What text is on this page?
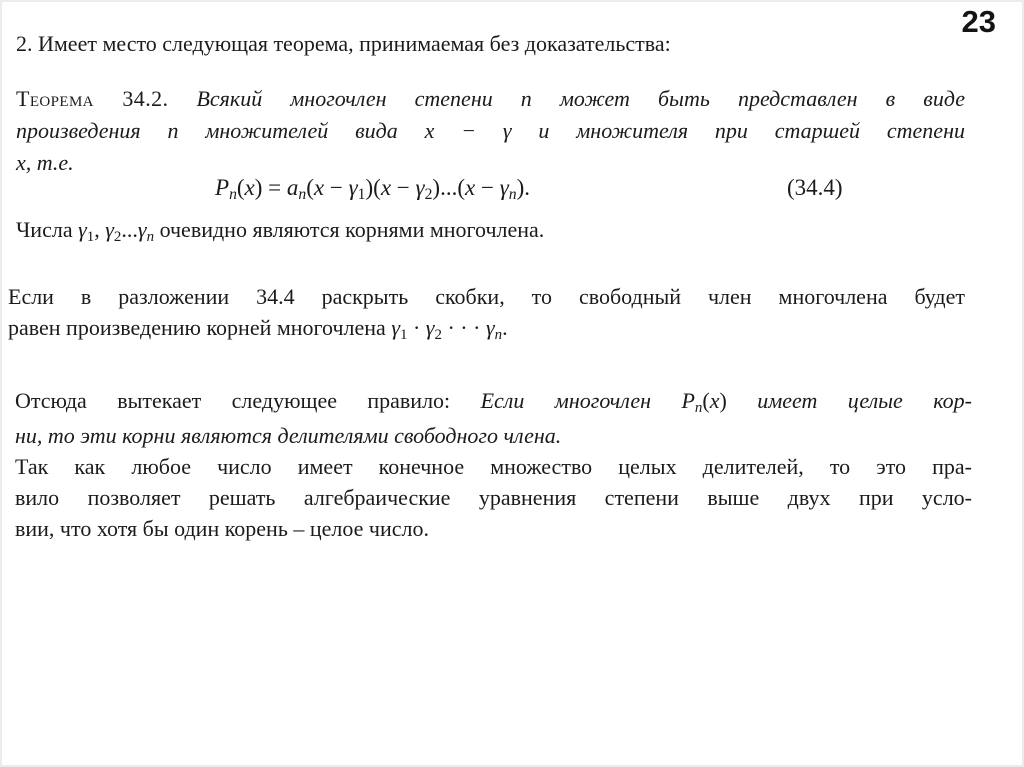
23
2. Имеет место следующая теорема, принимаемая без доказательства:
Теорема 34.2. Всякий многочлен степени n может быть представлен в виде
произведения n множителей вида x − γ и множителя при старшей степени
x, т.е.
Pn(x) = an(x − γ1)(x − γ2)...(x − γn).	(34.4)
Числа γ1, γ2...γn очевидно являются корнями многочлена.
Если в разложении 34.4 раскрыть скобки, то свободный член многочлена будет
равен произведению корней многочлена γ1 · γ2 · · · γn.
Отсюда вытекает следующее правило: Если многочлен Pn(x) имеет целые кор-
ни, то эти корни являются делителями свободного члена.
Так как любое число имеет конечное множество целых делителей, то это пра-
вило позволяет решать алгебраические уравнения степени выше двух при усло-
вии, что хотя бы один корень – целое число.
